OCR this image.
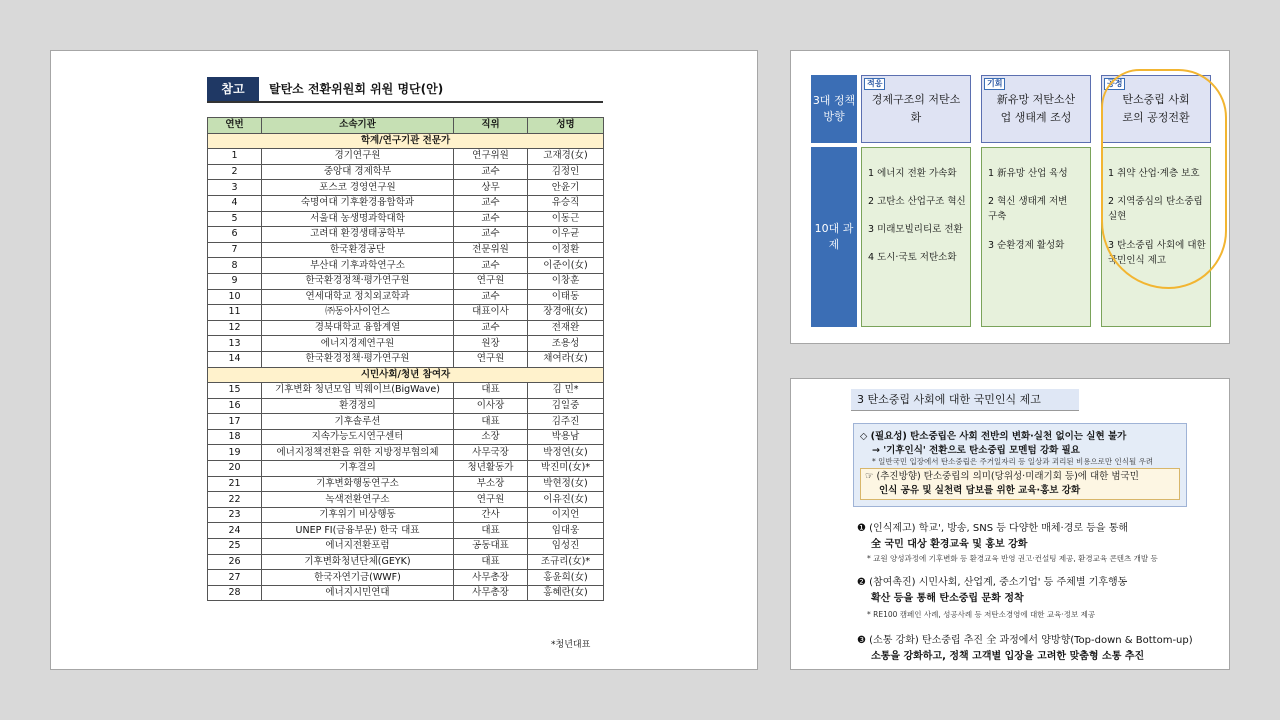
참고	탈탄소 전환위원회 위원 명단(안)
연번	소속기관	직위	성명
학계/연구기관 전문가			
1	경기연구원	연구위원	고재경(女)
2	중앙대 경제학부	교수	김정인
3	포스코 경영연구원	상무	안윤기
4	숙명여대 기후환경융합학과	교수	유승직
5	서울대 농생명과학대학	교수	이동근
6	고려대 환경생태공학부	교수	이우균
7	한국환경공단	전문위원	이정환
8	부산대 기후과학연구소	교수	이준이(女)
9	한국환경정책·평가연구원	연구원	이창훈
10	연세대학교 정치외교학과	교수	이태동
11	㈜동아사이언스	대표이사	장경애(女)
12	경북대학교 융합계열	교수	전재완
13	에너지경제연구원	원장	조용성
14	한국환경정책·평가연구원	연구원	채여라(女)
시민사회/청년 참여자			
15	기후변화 청년모임 빅웨이브(BigWave)	대표	김 민*
16	환경정의	이사장	김일중
17	기후솔루션	대표	김주진
18	지속가능도시연구센터	소장	박용남
19	에너지정책전환을 위한 지방정부협의체	사무국장	박정연(女)
20	기후결의	청년활동가	박진미(女)*
21	기후변화행동연구소	부소장	박현정(女)
22	녹색전환연구소	연구원	이유진(女)
23	기후위기 비상행동	간사	이지언
24	UNEP FI(금융부문) 한국 대표	대표	임대웅
25	에너지전환포럼	공동대표	임성진
26	기후변화청년단체(GEYK)	대표	조규리(女)*
27	한국자연기금(WWF)	사무총장	홍윤희(女)
28	에너지시민연대	사무총장	홍혜란(女)
*청년대표
3대 정책 방향
10대 과제
적응
경제구조의 저탄소화
기회
新유망 저탄소산업 생태계 조성
공정
탄소중립 사회로의 공정전환
1 에너지 전환 가속화
2 고탄소 산업구조 혁신
3 미래모빌리티로 전환
4 도시·국토 저탄소화
1 新유망 산업 육성
2 혁신 생태계 저변 구축
3 순환경제 활성화
1 취약 산업·계층 보호
2 지역중심의 탄소중립 실현
3 탄소중립 사회에 대한 국민인식 제고
3 탄소중립 사회에 대한 국민인식 제고
◇ (필요성) 탄소중립은 사회 전반의 변화·실천 없이는 실현 불가
→ '기후인식' 전환으로 탄소중립 모멘텀 강화 필요
* 일반국민 입장에서 탄소중립은 주거일자리 등 일상과 괴리된 비용으로만 인식될 우려
☞ (추진방향) 탄소중립의 의미(당위성·미래기회 등)에 대한 범국민
인식 공유 및 실천력 담보를 위한 교육·홍보 강화
❶ (인식제고) 학교', 방송, SNS 등 다양한 매체·경로 등을 통해
全 국민 대상 환경교육 및 홍보 강화
* 교원 양성과정에 기후변화 등 환경교육 반영 권고·컨설팅 제공, 환경교육 콘텐츠 개발 등
❷ (참여촉진) 시민사회, 산업계, 중소기업' 등 주체별 기후행동
확산 등을 통해 탄소중립 문화 정착
* RE100 캠페인 사례, 성공사례 등 저탄소경영에 대한 교육·정보 제공
❸ (소통 강화) 탄소중립 추진 全 과정에서 양방향(Top-down & Bottom-up)
소통을 강화하고, 정책 고객별 입장을 고려한 맞춤형 소통 추진
